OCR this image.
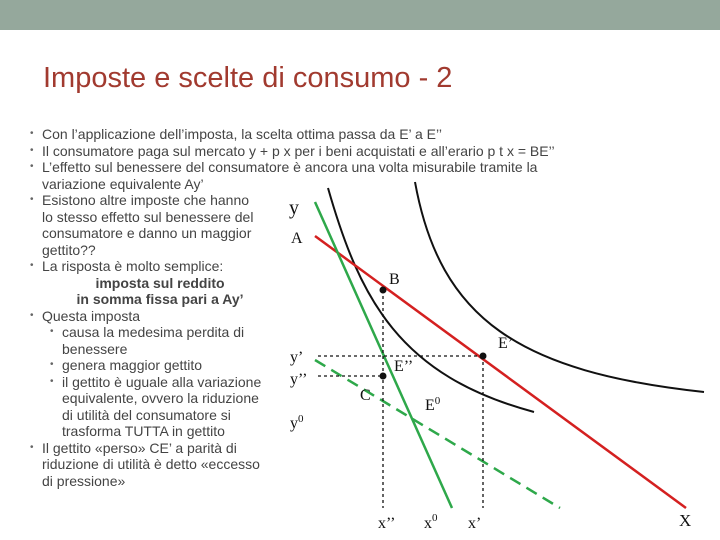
Imposte e scelte di consumo - 2
• Con l’applicazione dell’imposta, la scelta ottima passa da E’ a E’’
• Il consumatore paga sul mercato y + p x per i beni acquistati e all’erario p t x = BE’’
• L’effetto sul benessere del consumatore è ancora una volta misurabile tramite la
variazione equivalente Ay’
• Esistono altre imposte che hanno
lo stesso effetto sul benessere del
consumatore e danno un maggior
gettito??
• La risposta è molto semplice:
imposta sul reddito
in somma fissa pari a Ay’
• Questa imposta
• causa la medesima perdita di
benessere
• genera maggior gettito
• il gettito è uguale alla variazione
equivalente, ovvero la riduzione
di utilità del consumatore si
trasforma TUTTA in gettito
• Il gettito «perso» CE’ a parità di
riduzione di utilità è detto «eccesso
di pressione»
y
A
B
E’
E’’
C
$E^0$
y’
y’’
$y^0$
x’’ $x^0$ x’	X
